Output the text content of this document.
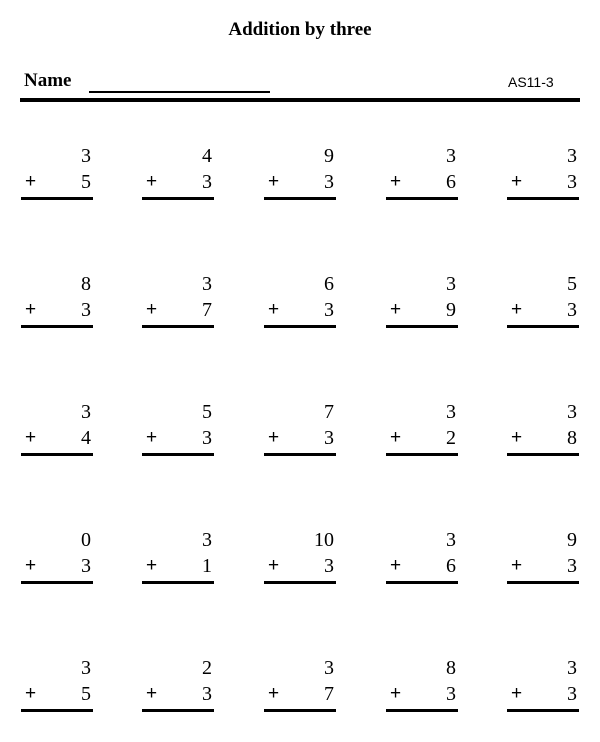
Addition by three
Name	AS11-3
3
+ 5
4
+ 3
9
+ 3
3
+ 6
3
+ 3
8
+ 3
3
+ 7
6
+ 3
3
+ 9
5
+ 3
3
+ 4
5
+ 3
7
+ 3
3
+ 2
3
+ 8
0
+ 3
3
+ 1
10
+ 3
3
+ 6
9
+ 3
3
+ 5
2
+ 3
3
+ 7
8
+ 3
3
+ 3
